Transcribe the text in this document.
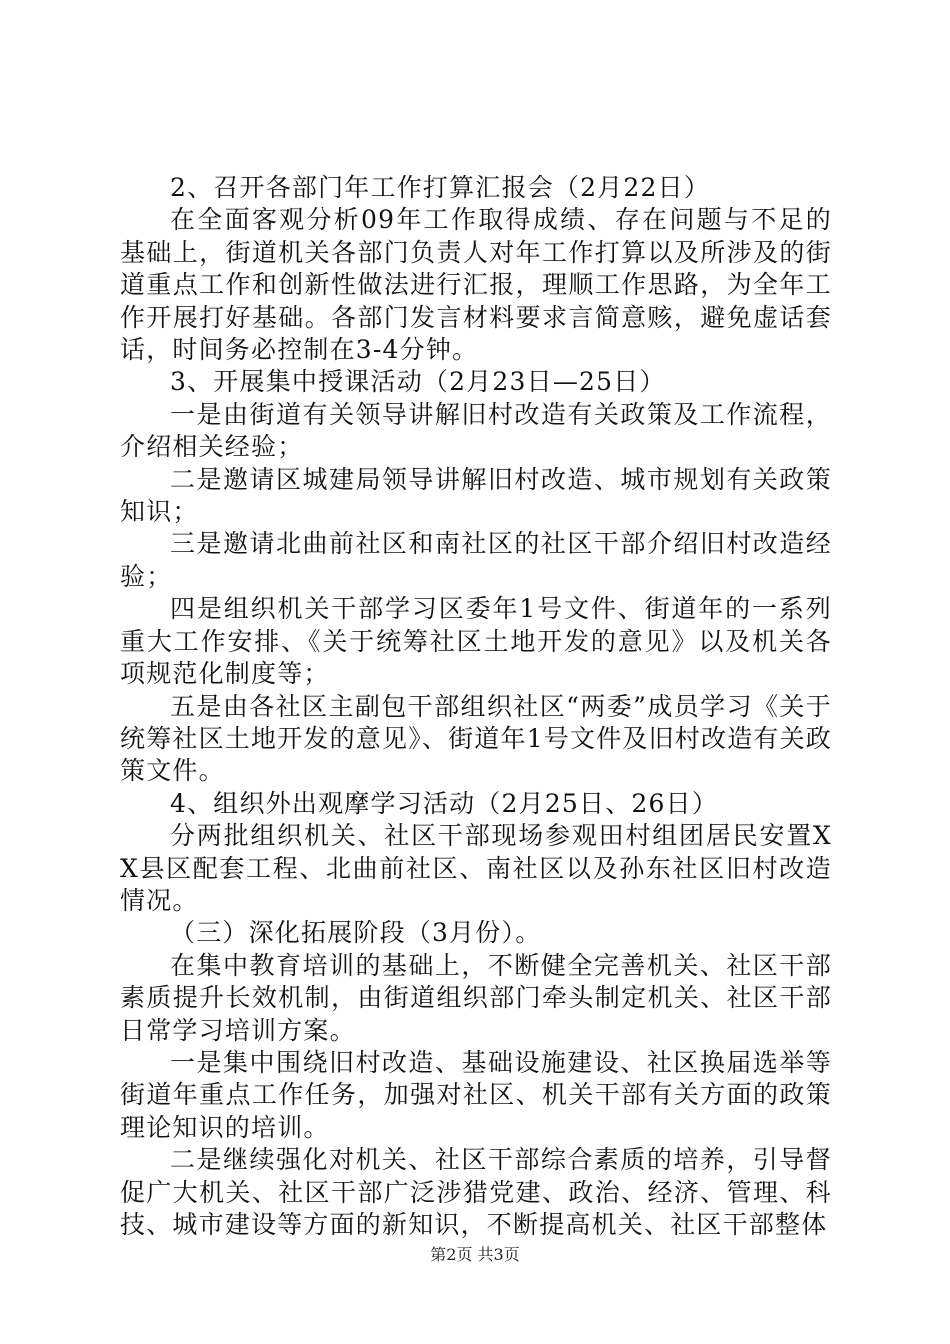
2、召开各部门年工作打算汇报会（2月22日）

在全面客观分析09年工作取得成绩、存在问题与不足的基础上，街道机关各部门负责人对年工作打算以及所涉及的街道重点工作和创新性做法进行汇报，理顺工作思路，为全年工作开展打好基础。各部门发言材料要求言简意赅，避免虚话套话，时间务必控制在3-4分钟。

3、开展集中授课活动（2月23日—25日）

一是由街道有关领导讲解旧村改造有关政策及工作流程，介绍相关经验；

二是邀请区城建局领导讲解旧村改造、城市规划有关政策知识；

三是邀请北曲前社区和南社区的社区干部介绍旧村改造经验；

四是组织机关干部学习区委年1号文件、街道年的一系列重大工作安排、《关于统筹社区土地开发的意见》以及机关各项规范化制度等；

五是由各社区主副包干部组织社区“两委”成员学习《关于统筹社区土地开发的意见》、街道年1号文件及旧村改造有关政策文件。

4、组织外出观摩学习活动（2月25日、26日）

分两批组织机关、社区干部现场参观田村组团居民安置XX县区配套工程、北曲前社区、南社区以及孙东社区旧村改造情况。

（三）深化拓展阶段（3月份）。

在集中教育培训的基础上，不断健全完善机关、社区干部素质提升长效机制，由街道组织部门牵头制定机关、社区干部日常学习培训方案。

一是集中围绕旧村改造、基础设施建设、社区换届选举等街道年重点工作任务，加强对社区、机关干部有关方面的政策理论知识的培训。

二是继续强化对机关、社区干部综合素质的培养，引导督促广大机关、社区干部广泛涉猎党建、政治、经济、管理、科技、城市建设等方面的新知识，不断提高机关、社区干部整体

第2页 共3页
